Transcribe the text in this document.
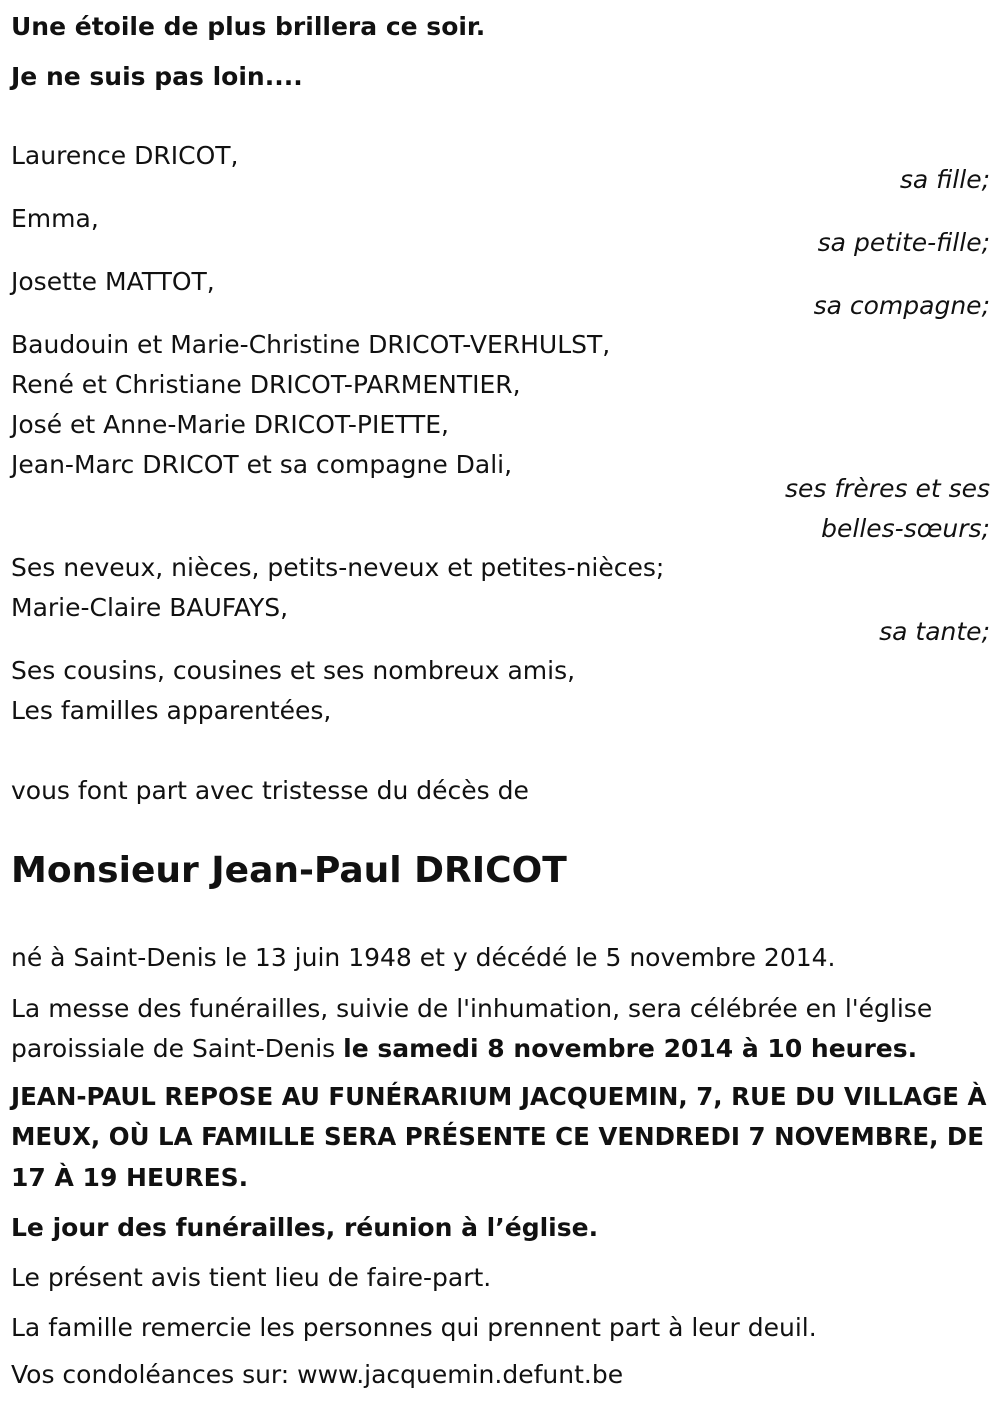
Une étoile de plus brillera ce soir.
Je ne suis pas loin....
Laurence DRICOT,
sa fille;
Emma,
sa petite-fille;
Josette MATTOT,
sa compagne;
Baudouin et Marie-Christine DRICOT-VERHULST,
René et Christiane DRICOT-PARMENTIER,
José et Anne-Marie DRICOT-PIETTE,
Jean-Marc DRICOT et sa compagne Dali,
ses frères et ses
belles-sœurs;
Ses neveux, nièces, petits-neveux et petites-nièces;
Marie-Claire BAUFAYS,
sa tante;
Ses cousins, cousines et ses nombreux amis,
Les familles apparentées,
vous font part avec tristesse du décès de
Monsieur Jean-Paul DRICOT
né à Saint-Denis le 13 juin 1948 et y décédé le 5 novembre 2014.
La messe des funérailles, suivie de l'inhumation, sera célébrée en l'église
paroissiale de Saint-Denis le samedi 8 novembre 2014 à 10 heures.
JEAN-PAUL REPOSE AU FUNÉRARIUM JACQUEMIN, 7, RUE DU VILLAGE À
MEUX, OÙ LA FAMILLE SERA PRÉSENTE CE VENDREDI 7 NOVEMBRE, DE
17 À 19 HEURES.
Le jour des funérailles, réunion à l’église.
Le présent avis tient lieu de faire-part.
La famille remercie les personnes qui prennent part à leur deuil.
Vos condoléances sur: www.jacquemin.defunt.be
